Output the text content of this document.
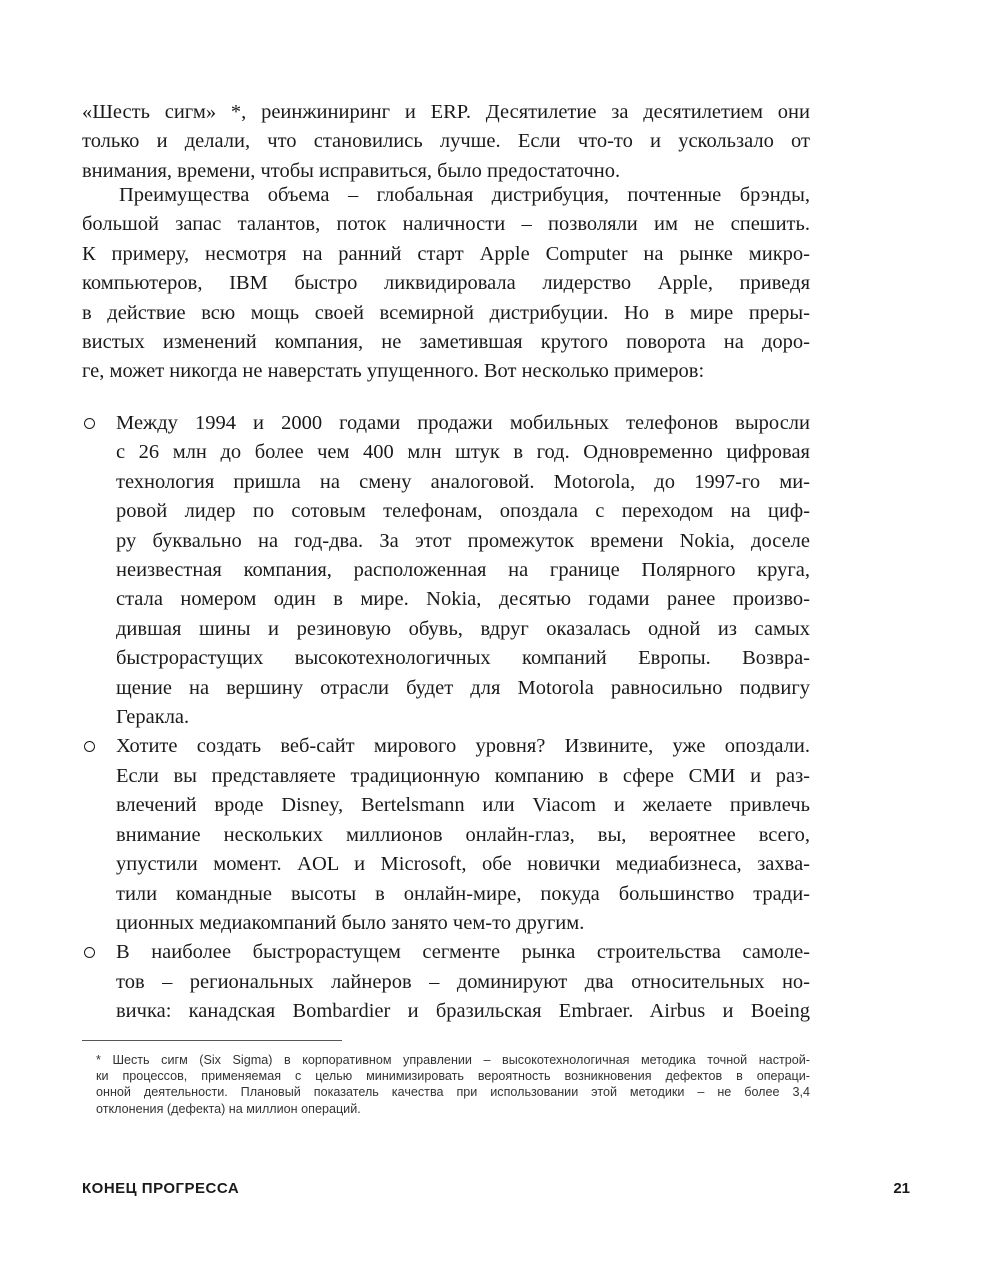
«Шесть сигм» *, реинжиниринг и ERP. Десятилетие за десятилетием они

только и делали, что становились лучше. Если что-то и ускользало от

внимания, времени, чтобы исправиться, было предостаточно.

Преимущества объема – глобальная дистрибуция, почтенные брэнды,

большой запас талантов, поток наличности – позволяли им не спешить.

К примеру, несмотря на ранний старт Apple Computer на рынке микро-

компьютеров, IBM быстро ликвидировала лидерство Apple, приведя

в действие всю мощь своей всемирной дистрибуции. Но в мире преры-

вистых изменений компания, не заметившая крутого поворота на доро-

ге, может никогда не наверстать упущенного. Вот несколько примеров:

Между 1994 и 2000 годами продажи мобильных телефонов выросли
с 26 млн до более чем 400 млн штук в год. Одновременно цифровая
технология пришла на смену аналоговой. Motorola, до 1997-го ми-
ровой лидер по сотовым телефонам, опоздала с переходом на циф-
ру буквально на год-два. За этот промежуток времени Nokia, доселе
неизвестная компания, расположенная на границе Полярного круга,
стала номером один в мире. Nokia, десятью годами ранее произво-
дившая шины и резиновую обувь, вдруг оказалась одной из самых
быстрорастущих высокотехнологичных компаний Европы. Возвра-
щение на вершину отрасли будет для Motorola равносильно подвигу
Геракла.
Хотите создать веб-сайт мирового уровня? Извините, уже опоздали.
Если вы представляете традиционную компанию в сфере СМИ и раз-
влечений вроде Disney, Bertelsmann или Viacom и желаете привлечь
внимание нескольких миллионов онлайн-глаз, вы, вероятнее всего,
упустили момент. AOL и Microsoft, обе новички медиабизнеса, захва-
тили командные высоты в онлайн-мире, покуда большинство тради-
ционных медиакомпаний было занято чем-то другим.
В наиболее быстрорастущем сегменте рынка строительства самоле-
тов – региональных лайнеров – доминируют два относительных но-
вичка: канадская Bombardier и бразильская Embraer. Airbus и Boeing
* Шесть сигм (Six Sigma) в корпоративном управлении – высокотехнологичная методика точной настрой-
ки процессов, применяемая с целью минимизировать вероятность возникновения дефектов в операци-
онной деятельности. Плановый показатель качества при использовании этой методики – не более 3,4
отклонения (дефекта) на миллион операций.
КОНЕЦ ПРОГРЕССА	21
